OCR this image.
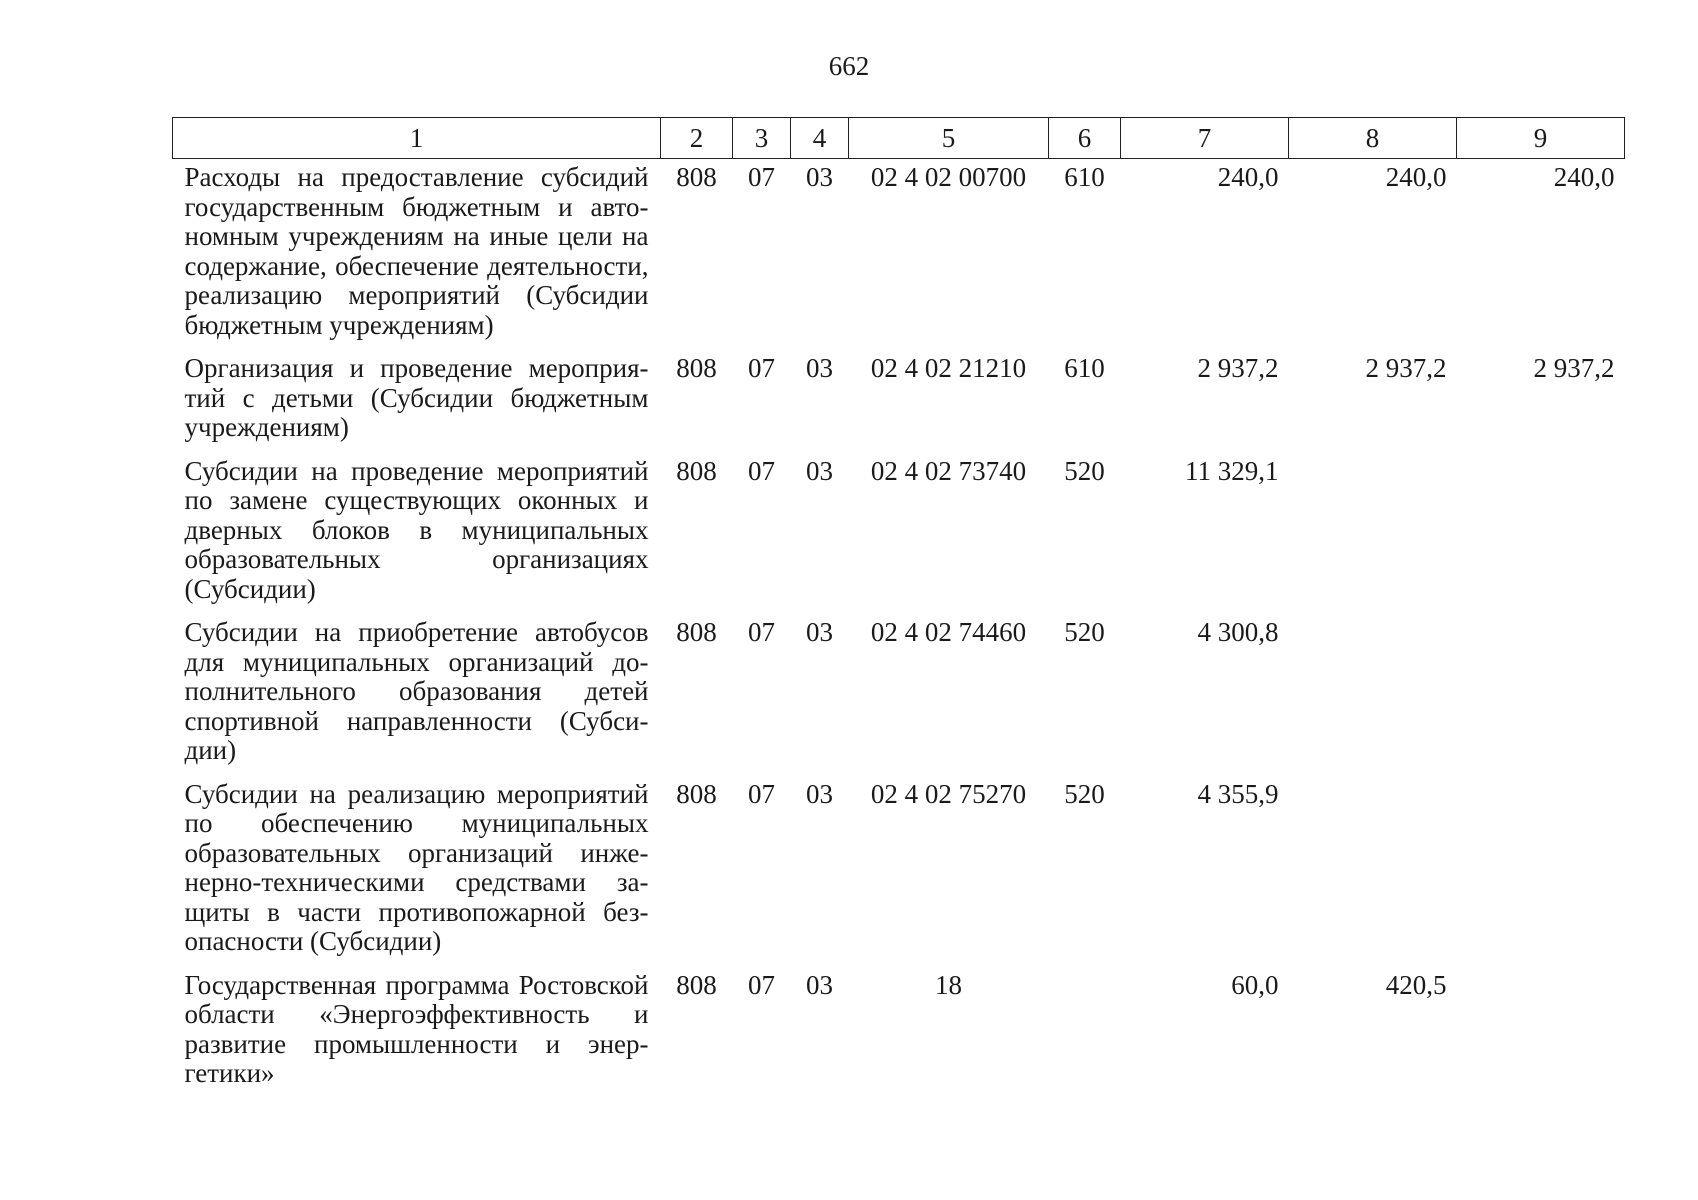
662
1	2	3	4	5	6	7	8	9
Расходы на предоставление субсидий государственным бюджетным и автономным учреждениям на иные цели на содержание, обеспечение деятельности, реализацию мероприятий (Субсидии бюджетным учреждениям)	808	07	03	02 4 02 00700	610	240,0	240,0	240,0
Организация и проведение мероприятий с детьми (Субсидии бюджетным учреждениям)	808	07	03	02 4 02 21210	610	2 937,2	2 937,2	2 937,2
Субсидии на проведение мероприятий по замене существующих оконных и дверных блоков в муниципальных образовательных организациях (Субсидии)	808	07	03	02 4 02 73740	520	11 329,1		
Субсидии на приобретение автобусов для муниципальных организаций дополнительного образования детей спортивной направленности (Субсидии)	808	07	03	02 4 02 74460	520	4 300,8		
Субсидии на реализацию мероприятий по обеспечению муниципальных образовательных организаций инженерно-техническими средствами защиты в части противопожарной безопасности (Субсидии)	808	07	03	02 4 02 75270	520	4 355,9		
Государственная программа Ростовской области «Энергоэффективность и развитие промышленности и энергетики»	808	07	03	18		60,0	420,5	
